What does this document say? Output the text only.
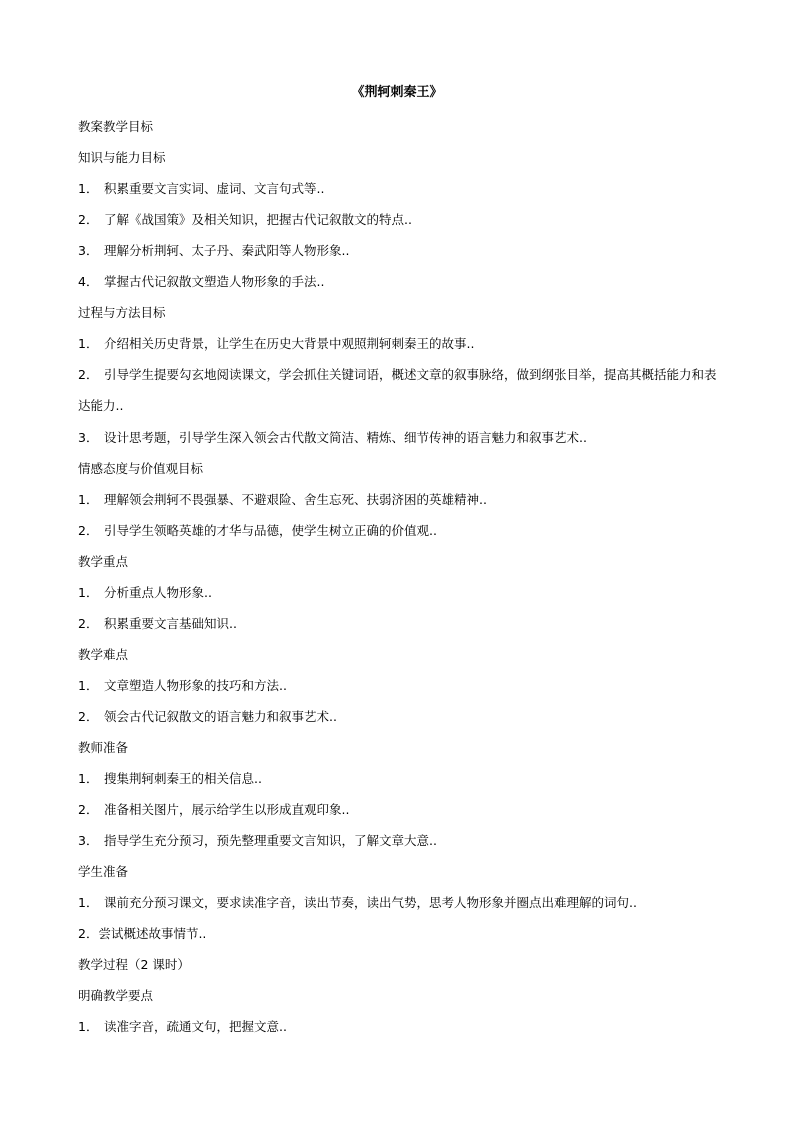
《荆轲刺秦王》
教案教学目标
知识与能力目标
1． 积累重要文言实词、虚词、文言句式等..
2． 了解《战国策》及相关知识，把握古代记叙散文的特点..
3． 理解分析荆轲、太子丹、秦武阳等人物形象..
4． 掌握古代记叙散文塑造人物形象的手法..
过程与方法目标
1． 介绍相关历史背景，让学生在历史大背景中观照荆轲刺秦王的故事..
2． 引导学生提要勾玄地阅读课文，学会抓住关键词语，概述文章的叙事脉络，做到纲张目举，提高其概括能力和表达能力..
3． 设计思考题，引导学生深入领会古代散文简洁、精炼、细节传神的语言魅力和叙事艺术..
情感态度与价值观目标
1． 理解领会荆轲不畏强暴、不避艰险、舍生忘死、扶弱济困的英雄精神..
2． 引导学生领略英雄的才华与品德，使学生树立正确的价值观..
教学重点
1． 分析重点人物形象..
2． 积累重要文言基础知识..
教学难点
1． 文章塑造人物形象的技巧和方法..
2． 领会古代记叙散文的语言魅力和叙事艺术..
教师准备
1． 搜集荆轲刺秦王的相关信息..
2． 准备相关图片，展示给学生以形成直观印象..
3． 指导学生充分预习，预先整理重要文言知识，了解文章大意..
学生准备
1． 课前充分预习课文，要求读准字音，读出节奏，读出气势，思考人物形象并圈点出难理解的词句..
2．尝试概述故事情节..
教学过程（2 课时）
明确教学要点
1． 读准字音，疏通文句，把握文意..
